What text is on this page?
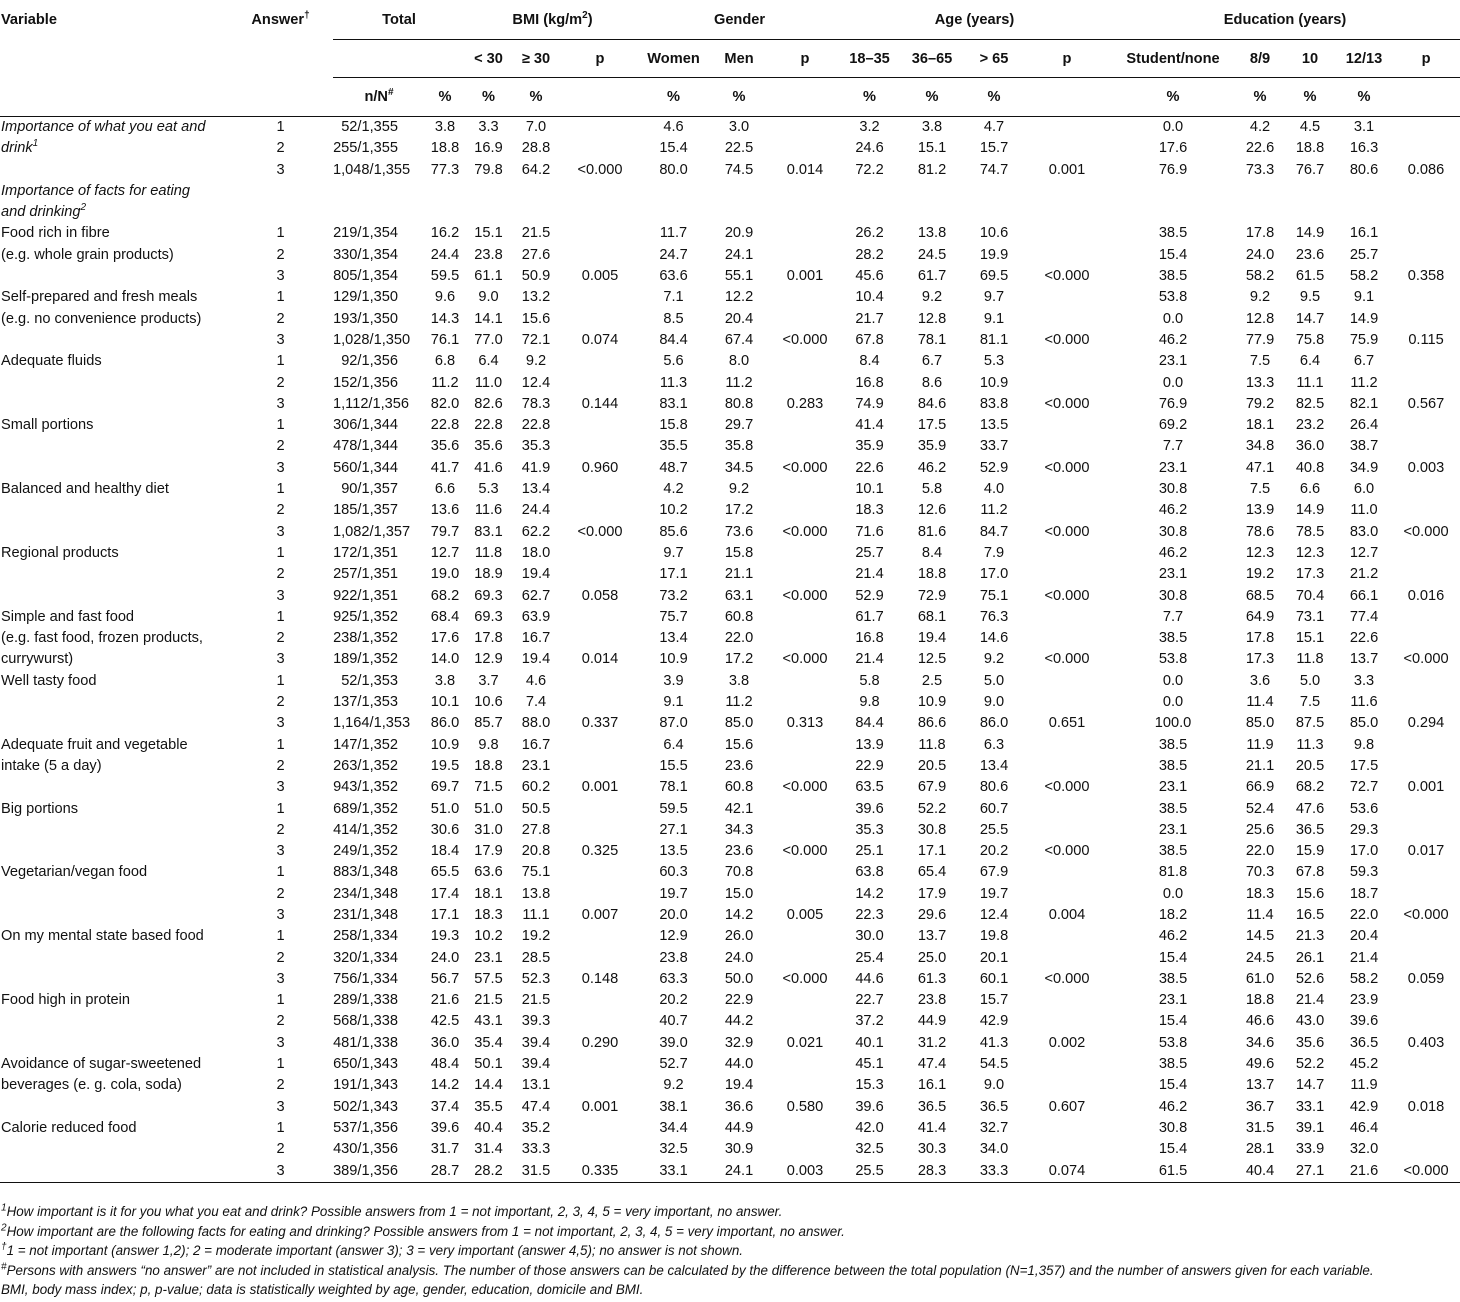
Variable	Answer†	Total		BMI $(kg/m^2)$			Gender			Age (years)				Education (years)				
				< 30	≥ 30	p	Women	Men	p	18–35	36–65	> 65	p	Student/none	8/9	10	12/13	p
		n/N#	%	%	%		%	%		%	%	%		%	%	%	%	
Importance of what you eat and	1	52/1,355	3.8	3.3	7.0		4.6	3.0		3.2	3.8	4.7		0.0	4.2	4.5	3.1	
drink$^1$	2	255/1,355	18.8	16.9	28.8		15.4	22.5		24.6	15.1	15.7		17.6	22.6	18.8	16.3	
	3	1,048/1,355	77.3	79.8	64.2	<0.000	80.0	74.5	0.014	72.2	81.2	74.7	0.001	76.9	73.3	76.7	80.6	0.086
Importance of facts for eating																		
and drinking$^2$																		
Food rich in fibre	1	219/1,354	16.2	15.1	21.5		11.7	20.9		26.2	13.8	10.6		38.5	17.8	14.9	16.1	
(e.g. whole grain products)	2	330/1,354	24.4	23.8	27.6		24.7	24.1		28.2	24.5	19.9		15.4	24.0	23.6	25.7	
	3	805/1,354	59.5	61.1	50.9	0.005	63.6	55.1	0.001	45.6	61.7	69.5	<0.000	38.5	58.2	61.5	58.2	0.358
Self-prepared and fresh meals	1	129/1,350	9.6	9.0	13.2		7.1	12.2		10.4	9.2	9.7		53.8	9.2	9.5	9.1	
(e.g. no convenience products)	2	193/1,350	14.3	14.1	15.6		8.5	20.4		21.7	12.8	9.1		0.0	12.8	14.7	14.9	
	3	1,028/1,350	76.1	77.0	72.1	0.074	84.4	67.4	<0.000	67.8	78.1	81.1	<0.000	46.2	77.9	75.8	75.9	0.115
Adequate fluids	1	92/1,356	6.8	6.4	9.2		5.6	8.0		8.4	6.7	5.3		23.1	7.5	6.4	6.7	
	2	152/1,356	11.2	11.0	12.4		11.3	11.2		16.8	8.6	10.9		0.0	13.3	11.1	11.2	
	3	1,112/1,356	82.0	82.6	78.3	0.144	83.1	80.8	0.283	74.9	84.6	83.8	<0.000	76.9	79.2	82.5	82.1	0.567
Small portions	1	306/1,344	22.8	22.8	22.8		15.8	29.7		41.4	17.5	13.5		69.2	18.1	23.2	26.4	
	2	478/1,344	35.6	35.6	35.3		35.5	35.8		35.9	35.9	33.7		7.7	34.8	36.0	38.7	
	3	560/1,344	41.7	41.6	41.9	0.960	48.7	34.5	<0.000	22.6	46.2	52.9	<0.000	23.1	47.1	40.8	34.9	0.003
Balanced and healthy diet	1	90/1,357	6.6	5.3	13.4		4.2	9.2		10.1	5.8	4.0		30.8	7.5	6.6	6.0	
	2	185/1,357	13.6	11.6	24.4		10.2	17.2		18.3	12.6	11.2		46.2	13.9	14.9	11.0	
	3	1,082/1,357	79.7	83.1	62.2	<0.000	85.6	73.6	<0.000	71.6	81.6	84.7	<0.000	30.8	78.6	78.5	83.0	<0.000
Regional products	1	172/1,351	12.7	11.8	18.0		9.7	15.8		25.7	8.4	7.9		46.2	12.3	12.3	12.7	
	2	257/1,351	19.0	18.9	19.4		17.1	21.1		21.4	18.8	17.0		23.1	19.2	17.3	21.2	
	3	922/1,351	68.2	69.3	62.7	0.058	73.2	63.1	<0.000	52.9	72.9	75.1	<0.000	30.8	68.5	70.4	66.1	0.016
Simple and fast food	1	925/1,352	68.4	69.3	63.9		75.7	60.8		61.7	68.1	76.3		7.7	64.9	73.1	77.4	
(e.g. fast food, frozen products,	2	238/1,352	17.6	17.8	16.7		13.4	22.0		16.8	19.4	14.6		38.5	17.8	15.1	22.6	
currywurst)	3	189/1,352	14.0	12.9	19.4	0.014	10.9	17.2	<0.000	21.4	12.5	9.2	<0.000	53.8	17.3	11.8	13.7	<0.000
Well tasty food	1	52/1,353	3.8	3.7	4.6		3.9	3.8		5.8	2.5	5.0		0.0	3.6	5.0	3.3	
	2	137/1,353	10.1	10.6	7.4		9.1	11.2		9.8	10.9	9.0		0.0	11.4	7.5	11.6	
	3	1,164/1,353	86.0	85.7	88.0	0.337	87.0	85.0	0.313	84.4	86.6	86.0	0.651	100.0	85.0	87.5	85.0	0.294
Adequate fruit and vegetable	1	147/1,352	10.9	9.8	16.7		6.4	15.6		13.9	11.8	6.3		38.5	11.9	11.3	9.8	
intake (5 a day)	2	263/1,352	19.5	18.8	23.1		15.5	23.6		22.9	20.5	13.4		38.5	21.1	20.5	17.5	
	3	943/1,352	69.7	71.5	60.2	0.001	78.1	60.8	<0.000	63.5	67.9	80.6	<0.000	23.1	66.9	68.2	72.7	0.001
Big portions	1	689/1,352	51.0	51.0	50.5		59.5	42.1		39.6	52.2	60.7		38.5	52.4	47.6	53.6	
	2	414/1,352	30.6	31.0	27.8		27.1	34.3		35.3	30.8	25.5		23.1	25.6	36.5	29.3	
	3	249/1,352	18.4	17.9	20.8	0.325	13.5	23.6	<0.000	25.1	17.1	20.2	<0.000	38.5	22.0	15.9	17.0	0.017
Vegetarian/vegan food	1	883/1,348	65.5	63.6	75.1		60.3	70.8		63.8	65.4	67.9		81.8	70.3	67.8	59.3	
	2	234/1,348	17.4	18.1	13.8		19.7	15.0		14.2	17.9	19.7		0.0	18.3	15.6	18.7	
	3	231/1,348	17.1	18.3	11.1	0.007	20.0	14.2	0.005	22.3	29.6	12.4	0.004	18.2	11.4	16.5	22.0	<0.000
On my mental state based food	1	258/1,334	19.3	10.2	19.2		12.9	26.0		30.0	13.7	19.8		46.2	14.5	21.3	20.4	
	2	320/1,334	24.0	23.1	28.5		23.8	24.0		25.4	25.0	20.1		15.4	24.5	26.1	21.4	
	3	756/1,334	56.7	57.5	52.3	0.148	63.3	50.0	<0.000	44.6	61.3	60.1	<0.000	38.5	61.0	52.6	58.2	0.059
Food high in protein	1	289/1,338	21.6	21.5	21.5		20.2	22.9		22.7	23.8	15.7		23.1	18.8	21.4	23.9	
	2	568/1,338	42.5	43.1	39.3		40.7	44.2		37.2	44.9	42.9		15.4	46.6	43.0	39.6	
	3	481/1,338	36.0	35.4	39.4	0.290	39.0	32.9	0.021	40.1	31.2	41.3	0.002	53.8	34.6	35.6	36.5	0.403
Avoidance of sugar-sweetened	1	650/1,343	48.4	50.1	39.4		52.7	44.0		45.1	47.4	54.5		38.5	49.6	52.2	45.2	
beverages (e. g. cola, soda)	2	191/1,343	14.2	14.4	13.1		9.2	19.4		15.3	16.1	9.0		15.4	13.7	14.7	11.9	
	3	502/1,343	37.4	35.5	47.4	0.001	38.1	36.6	0.580	39.6	36.5	36.5	0.607	46.2	36.7	33.1	42.9	0.018
Calorie reduced food	1	537/1,356	39.6	40.4	35.2		34.4	44.9		42.0	41.4	32.7		30.8	31.5	39.1	46.4	
	2	430/1,356	31.7	31.4	33.3		32.5	30.9		32.5	30.3	34.0		15.4	28.1	33.9	32.0	
	3	389/1,356	28.7	28.2	31.5	0.335	33.1	24.1	0.003	25.5	28.3	33.3	0.074	61.5	40.4	27.1	21.6	<0.000
$^1$How important is it for you what you eat and drink? Possible answers from 1 = not important, 2, 3, 4, 5 = very important, no answer.
$^2$How important are the following facts for eating and drinking? Possible answers from 1 = not important, 2, 3, 4, 5 = very important, no answer.
†1 = not important (answer 1,2); 2 = moderate important (answer 3); 3 = very important (answer 4,5); no answer is not shown.
#Persons with answers “no answer” are not included in statistical analysis. The number of those answers can be calculated by the difference between the total population (N=1,357) and the number of answers given for each variable.
BMI, body mass index; p, p-value; data is statistically weighted by age, gender, education, domicile and BMI.
